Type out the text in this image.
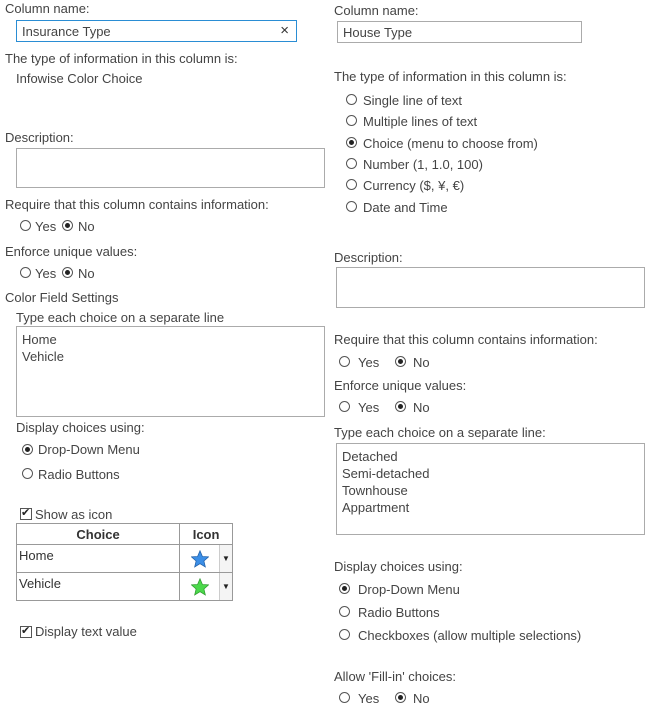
Column name:
Insurance Type	×
The type of information in this column is:
Infowise Color Choice
Description:
Require that this column contains information:
Yes No
Enforce unique values:
Yes No
Color Field Settings
Type each choice on a separate line
Home
Vehicle
Display choices using:
Drop-Down Menu
Radio Buttons
✔
Show as icon
Choice	Icon
Home	▼

Vehicle	▼
✔
Display text value
Column name:
House Type
The type of information in this column is:
Single line of text
Multiple lines of text
Choice (menu to choose from)
Number (1, 1.0, 100)
Currency ($, ¥, €)
Date and Time
Description:
Require that this column contains information:
Yes	No
Enforce unique values:
Yes	No
Type each choice on a separate line:
Detached
Semi-detached
Townhouse
Appartment
Display choices using:
Drop-Down Menu
Radio Buttons
Checkboxes (allow multiple selections)
Allow 'Fill-in' choices:
Yes	No
